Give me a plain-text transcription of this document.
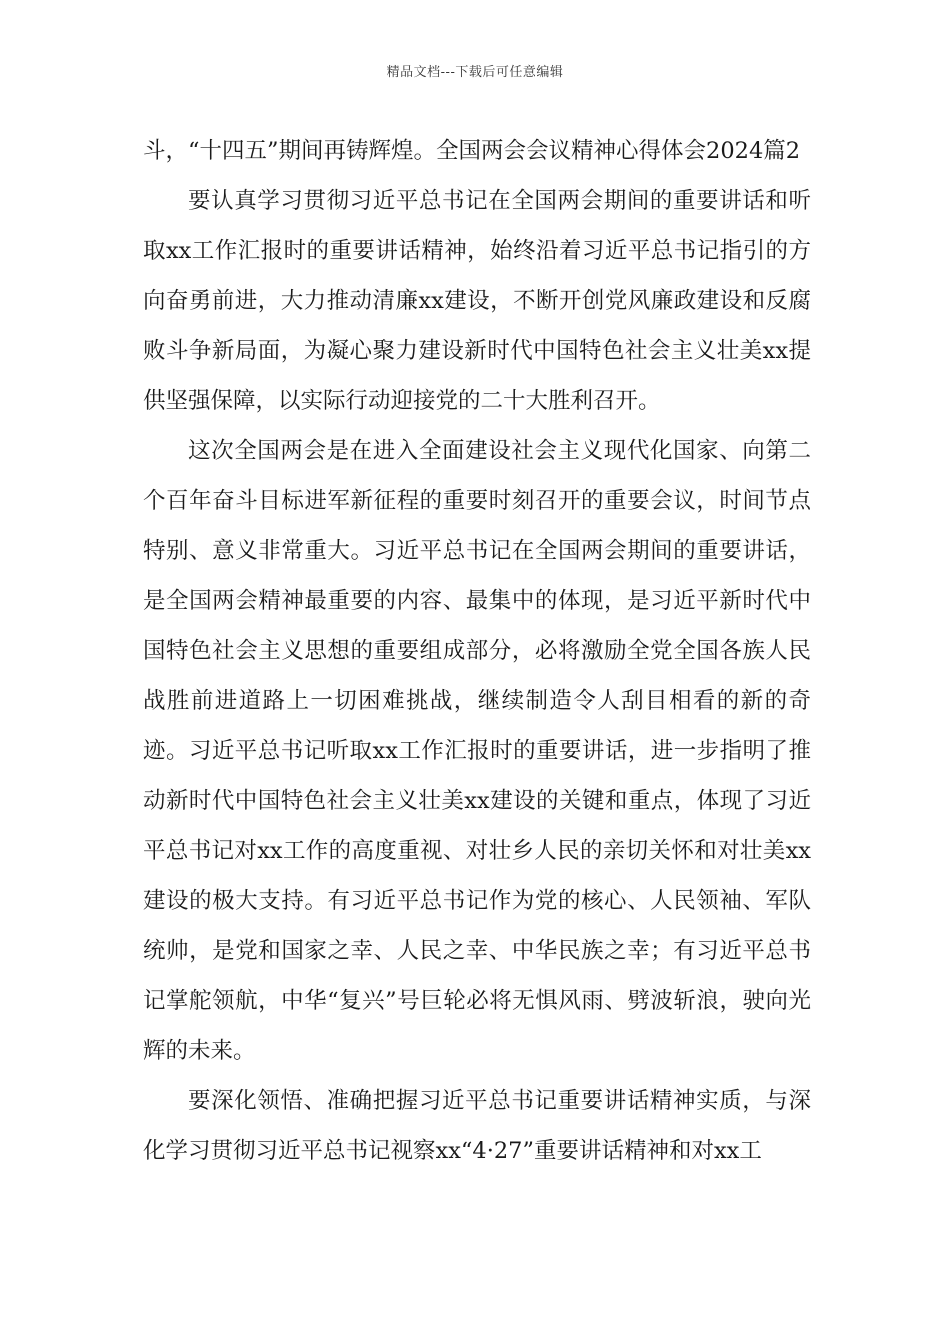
精品文档---下载后可任意编辑

斗，“十四五”期间再铸辉煌。全国两会会议精神心得体会2024篇2

要认真学习贯彻习近平总书记在全国两会期间的重要讲话和听取xx工作汇报时的重要讲话精神，始终沿着习近平总书记指引的方向奋勇前进，大力推动清廉xx建设，不断开创党风廉政建设和反腐败斗争新局面，为凝心聚力建设新时代中国特色社会主义壮美xx提供坚强保障，以实际行动迎接党的二十大胜利召开。

这次全国两会是在进入全面建设社会主义现代化国家、向第二个百年奋斗目标进军新征程的重要时刻召开的重要会议，时间节点特别、意义非常重大。习近平总书记在全国两会期间的重要讲话，是全国两会精神最重要的内容、最集中的体现，是习近平新时代中国特色社会主义思想的重要组成部分，必将激励全党全国各族人民战胜前进道路上一切困难挑战，继续制造令人刮目相看的新的奇迹。习近平总书记听取xx工作汇报时的重要讲话，进一步指明了推动新时代中国特色社会主义壮美xx建设的关键和重点，体现了习近平总书记对xx工作的高度重视、对壮乡人民的亲切关怀和对壮美xx建设的极大支持。有习近平总书记作为党的核心、人民领袖、军队统帅，是党和国家之幸、人民之幸、中华民族之幸；有习近平总书记掌舵领航，中华“复兴”号巨轮必将无惧风雨、劈波斩浪，驶向光辉的未来。

要深化领悟、准确把握习近平总书记重要讲话精神实质，与深化学习贯彻习近平总书记视察xx“4·27”重要讲话精神和对xx工
